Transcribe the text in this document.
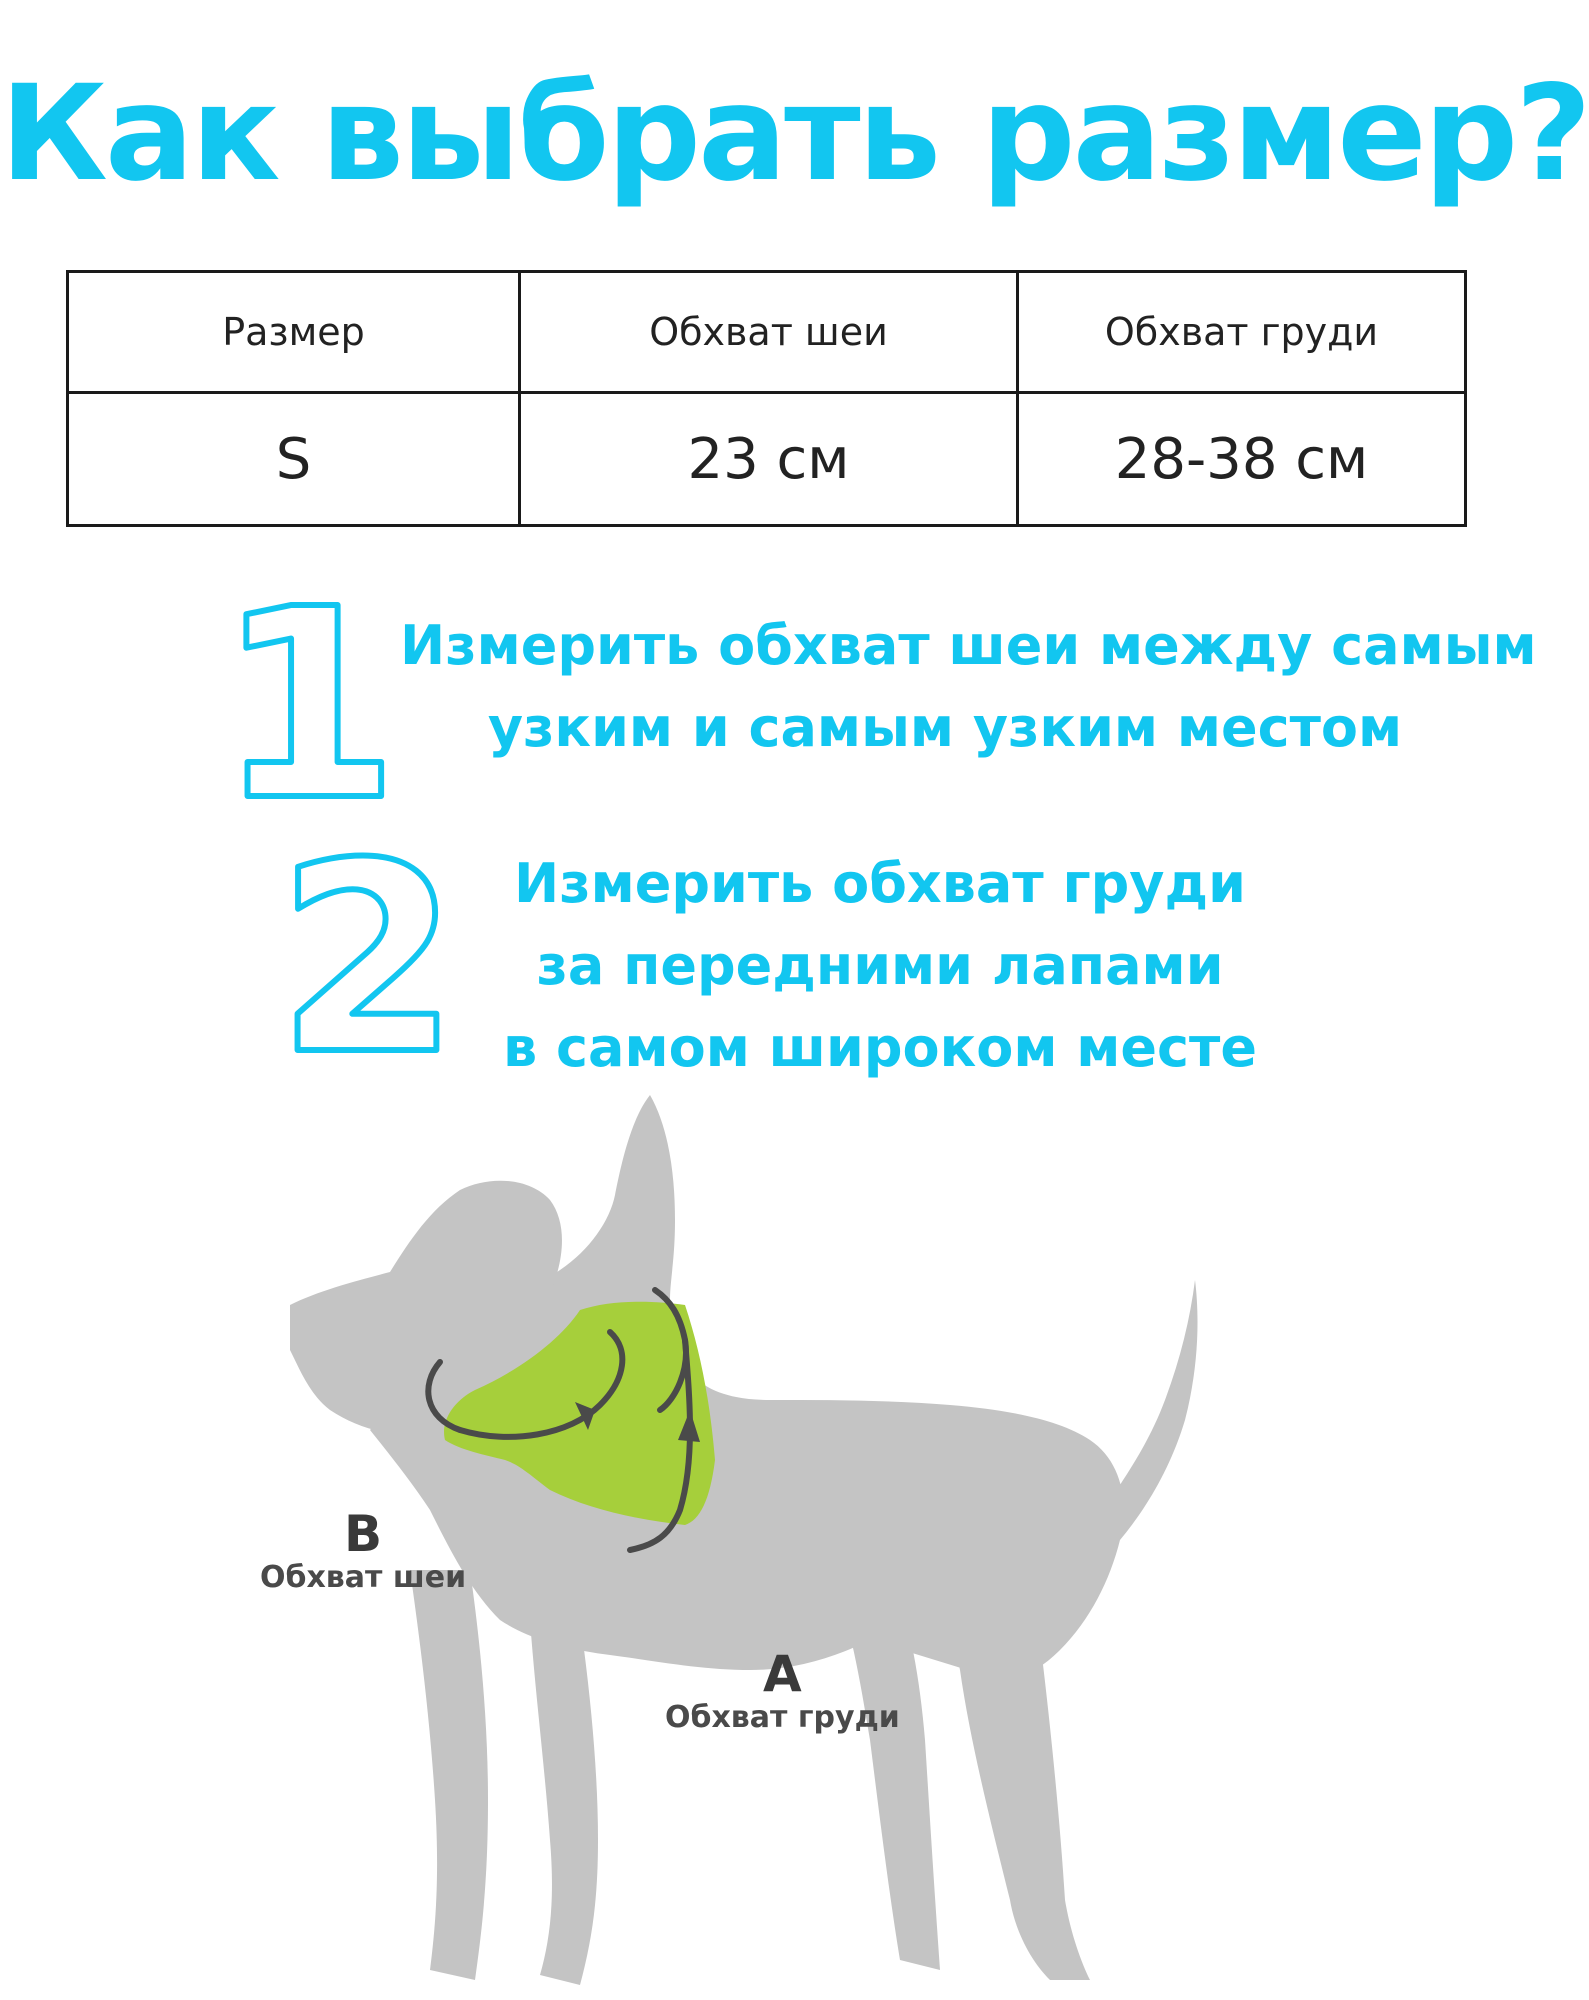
Как выбрать размер?
Размер	Обхват шеи	Обхват груди
S	23 см	28-38 см
1 Измерить обхват шеи между самым
узким и самым узким местом
2	Измерить обхват груди
за передними лапами
в самом широком месте
B
Обхват шеи
A
Обхват груди
